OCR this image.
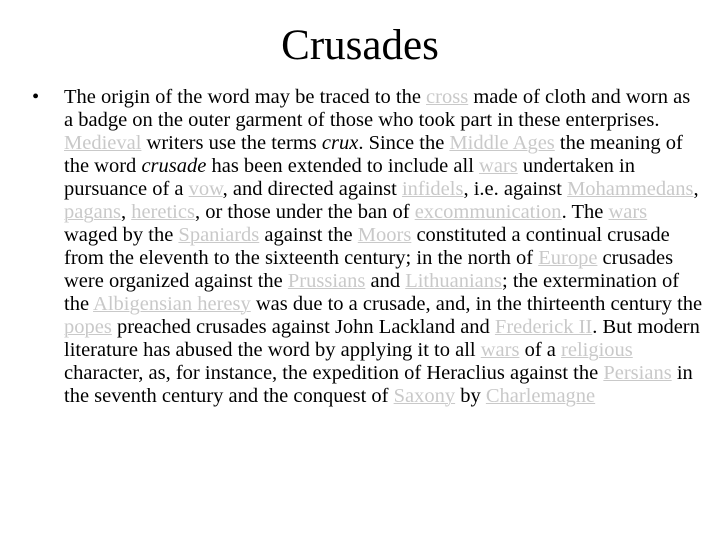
Crusades
• The origin of the word may be traced to the cross made of cloth and worn as a badge on the outer garment of those who took part in these enterprises. Medieval writers use the terms crux. Since the Middle Ages the meaning of the word crusade has been extended to include all wars undertaken in pursuance of a vow, and directed against infidels, i.e. against Mohammedans, pagans, heretics, or those under the ban of excommunication. The wars waged by the Spaniards against the Moors constituted a continual crusade from the eleventh to the sixteenth century; in the north of Europe crusades were organized against the Prussians and Lithuanians; the extermination of the Albigensian heresy was due to a crusade, and, in the thirteenth century the popes preached crusades against John Lackland and Frederick II. But modern literature has abused the word by applying it to all wars of a religious character, as, for instance, the expedition of Heraclius against the Persians in the seventh century and the conquest of Saxony by Charlemagne
